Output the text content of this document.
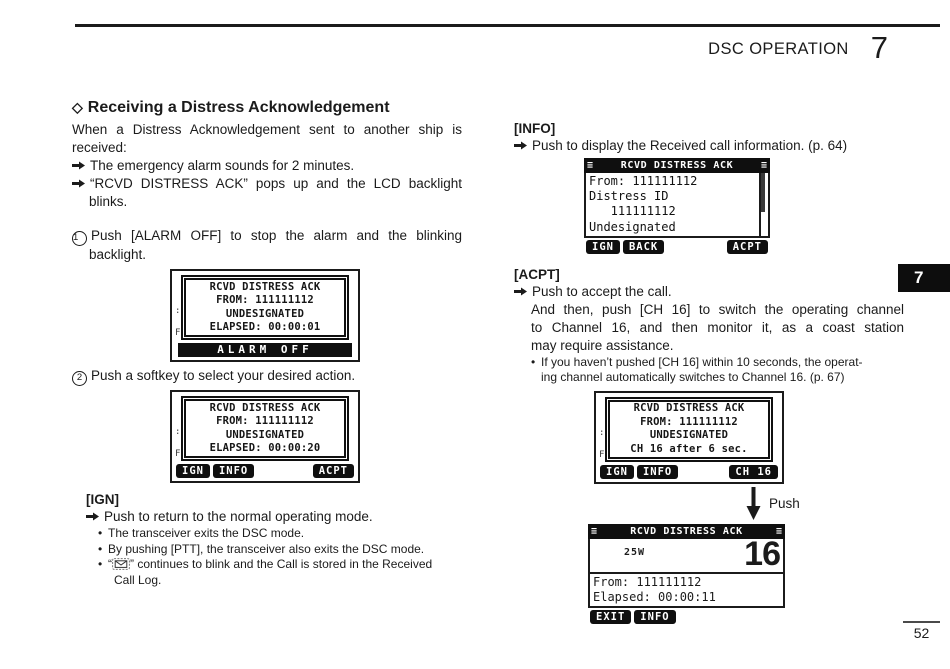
DSC OPERATION 7
7
52
◇ Receiving a Distress Acknowledgement
When a Distress Acknowledgement sent to another ship is
received:
The emergency alarm sounds for 2 minutes.
“RCVD DISTRESS ACK” pops up and the LCD backlight
blinks.
1 Push [ALARM OFF] to stop the alarm and the blinking
backlight.
:
F
RCVD DISTRESS ACK
FROM: 111111112
UNDESIGNATED
ELAPSED: 00:00:01
ALARM OFF
2 Push a softkey to select your desired action.
:
F
RCVD DISTRESS ACK
FROM: 111111112
UNDESIGNATED
ELAPSED: 00:00:20
IGN	INFO	ACPT
[IGN]
Push to return to the normal operating mode.
• The transceiver exits the DSC mode.
• By pushing [PTT], the transceiver also exits the DSC mode.
• “ ” continues to blink and the Call is stored in the Received
Call Log.
[INFO]
Push to display the Received call information. (p. 64)
≡	RCVD DISTRESS ACK	≡
From: 111111112
Distress ID
111111112
Undesignated
IGN	BACK	ACPT
[ACPT]
Push to accept the call.
And then, push [CH 16] to switch the operating channel
to Channel 16, and then monitor it, as a coast station
may require assistance.
• If you haven’t pushed [CH 16] within 10 seconds, the operat-
ing channel automatically switches to Channel 16. (p. 67)
:
F
RCVD DISTRESS ACK
FROM: 111111112
UNDESIGNATED
CH 16 after 6 sec.
IGN	INFO	CH 16
Push
≡	RCVD DISTRESS ACK	≡
25W	16
From: 111111112
Elapsed: 00:00:11
EXIT	INFO
